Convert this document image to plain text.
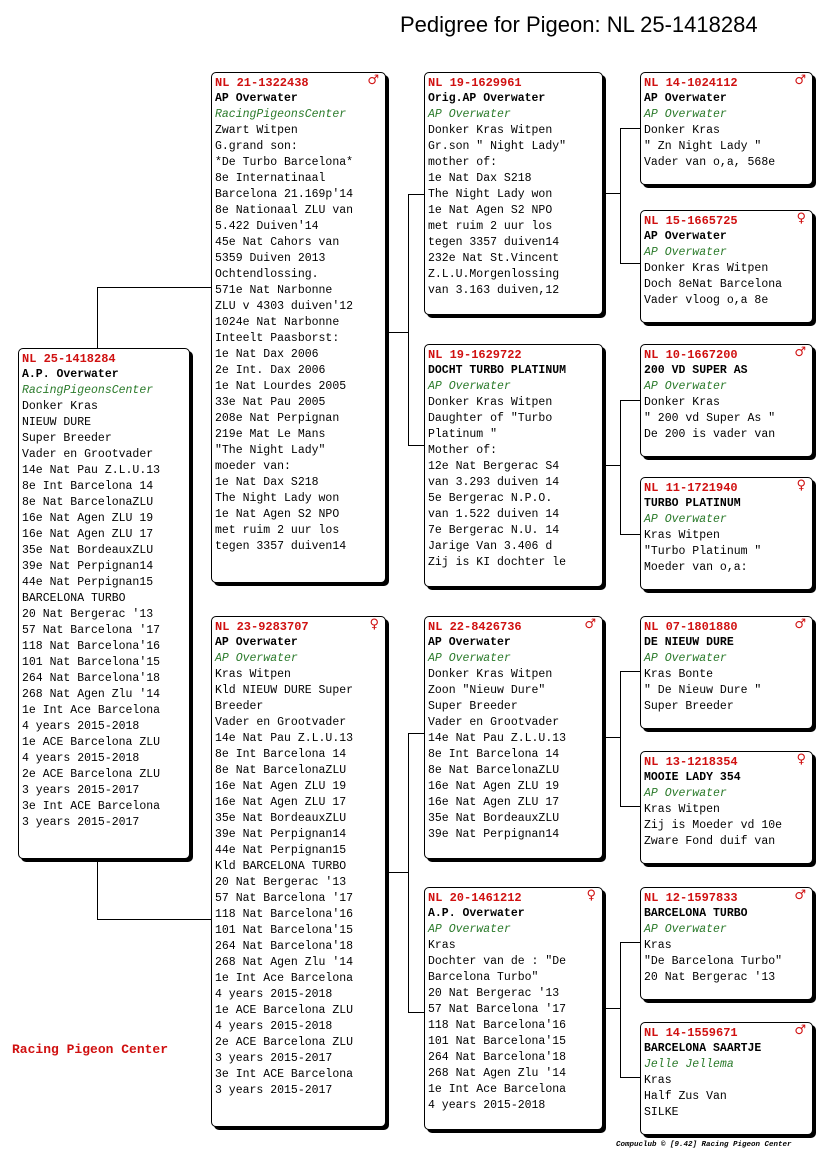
Pedigree for Pigeon: NL 25-1418284
NL 25-1418284
A.P. Overwater
RacingPigeonsCenter
Donker Kras
NIEUW DURE
Super Breeder
Vader en Grootvader
14e Nat Pau Z.L.U.13
8e Int Barcelona 14
8e Nat BarcelonaZLU
16e Nat Agen ZLU 19
16e Nat Agen ZLU 17
35e Nat BordeauxZLU
39e Nat Perpignan14
44e Nat Perpignan15
BARCELONA TURBO
20 Nat Bergerac '13
57 Nat Barcelona '17
118 Nat Barcelona'16
101 Nat Barcelona'15
264 Nat Barcelona'18
268 Nat Agen Zlu '14
1e Int Ace Barcelona
4 years 2015-2018
1e ACE Barcelona ZLU
4 years 2015-2018
2e ACE Barcelona ZLU
3 years 2015-2017
3e Int ACE Barcelona
3 years 2015-2017
NL 21-1322438	♂
AP Overwater
RacingPigeonsCenter
Zwart Witpen
G.grand son:
*De Turbo Barcelona*
8e Internatinaal
Barcelona 21.169p'14
8e Nationaal ZLU van
5.422 Duiven'14
45e Nat Cahors van
5359 Duiven 2013
Ochtendlossing.
571e Nat Narbonne
ZLU v 4303 duiven'12
1024e Nat Narbonne
Inteelt Paasborst:
1e Nat Dax 2006
2e Int. Dax 2006
1e Nat Lourdes 2005
33e Nat Pau 2005
208e Nat Perpignan
219e Mat Le Mans
"The Night Lady"
moeder van:
1e Nat Dax S218
The Night Lady won
1e Nat Agen S2 NPO
met ruim 2 uur los
tegen 3357 duiven14
NL 23-9283707	♀
AP Overwater
AP Overwater
Kras Witpen
Kld NIEUW DURE Super
Breeder
Vader en Grootvader
14e Nat Pau Z.L.U.13
8e Int Barcelona 14
8e Nat BarcelonaZLU
16e Nat Agen ZLU 19
16e Nat Agen ZLU 17
35e Nat BordeauxZLU
39e Nat Perpignan14
44e Nat Perpignan15
Kld BARCELONA TURBO
20 Nat Bergerac '13
57 Nat Barcelona '17
118 Nat Barcelona'16
101 Nat Barcelona'15
264 Nat Barcelona'18
268 Nat Agen Zlu '14
1e Int Ace Barcelona
4 years 2015-2018
1e ACE Barcelona ZLU
4 years 2015-2018
2e ACE Barcelona ZLU
3 years 2015-2017
3e Int ACE Barcelona
3 years 2015-2017
NL 19-1629961
Orig.AP Overwater
AP Overwater
Donker Kras Witpen
Gr.son " Night Lady"
mother of:
1e Nat Dax S218
The Night Lady won
1e Nat Agen S2 NPO
met ruim 2 uur los
tegen 3357 duiven14
232e Nat St.Vincent
Z.L.U.Morgenlossing
van 3.163 duiven,12
NL 19-1629722
DOCHT TURBO PLATINUM
AP Overwater
Donker Kras Witpen
Daughter of "Turbo
Platinum "
Mother of:
12e Nat Bergerac S4
van 3.293 duiven 14
5e Bergerac N.P.O.
van 1.522 duiven 14
7e Bergerac N.U. 14
Jarige Van 3.406 d
Zij is KI dochter le
NL 22-8426736	♂
AP Overwater
AP Overwater
Donker Kras Witpen
Zoon "Nieuw Dure"
Super Breeder
Vader en Grootvader
14e Nat Pau Z.L.U.13
8e Int Barcelona 14
8e Nat BarcelonaZLU
16e Nat Agen ZLU 19
16e Nat Agen ZLU 17
35e Nat BordeauxZLU
39e Nat Perpignan14
NL 20-1461212	♀
A.P. Overwater
AP Overwater
Kras
Dochter van de : "De
Barcelona Turbo"
20 Nat Bergerac '13
57 Nat Barcelona '17
118 Nat Barcelona'16
101 Nat Barcelona'15
264 Nat Barcelona'18
268 Nat Agen Zlu '14
1e Int Ace Barcelona
4 years 2015-2018
NL 14-1024112	♂
AP Overwater
AP Overwater
Donker Kras
" Zn Night Lady "
Vader van o,a, 568e
NL 15-1665725	♀
AP Overwater
AP Overwater
Donker Kras Witpen
Doch 8eNat Barcelona
Vader vloog o,a 8e
NL 10-1667200	♂
200 VD SUPER AS
AP Overwater
Donker Kras
" 200 vd Super As "
De 200 is vader van
NL 11-1721940	♀
TURBO PLATINUM
AP Overwater
Kras Witpen
"Turbo Platinum "
Moeder van o,a:
NL 07-1801880	♂
DE NIEUW DURE
AP Overwater
Kras Bonte
" De Nieuw Dure "
Super Breeder
NL 13-1218354	♀
MOOIE LADY 354
AP Overwater
Kras Witpen
Zij is Moeder vd 10e
Zware Fond duif van
NL 12-1597833	♂
BARCELONA TURBO
AP Overwater
Kras
"De Barcelona Turbo"
20 Nat Bergerac '13
NL 14-1559671	♂
BARCELONA SAARTJE
Jelle Jellema
Kras
Half Zus Van
SILKE
Racing Pigeon Center
Compuclub © [9.42] Racing Pigeon Center
